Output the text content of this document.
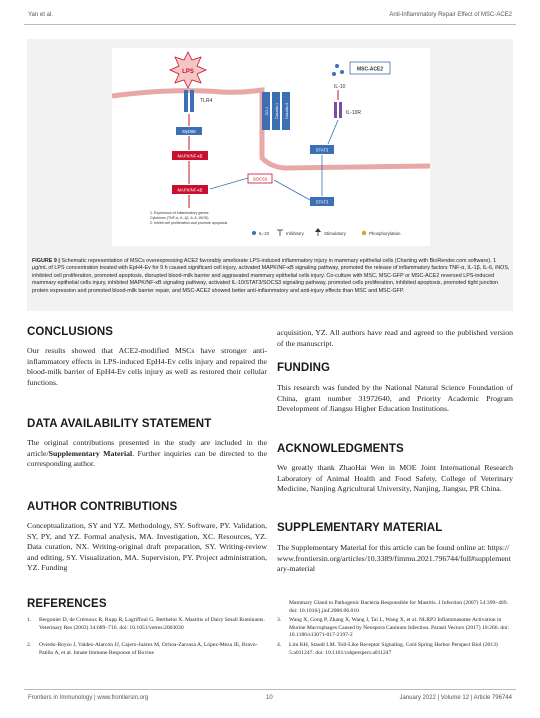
Yan et al.	Anti-Inflammatory Repair Effect of MSC-ACE2
LPS
TLR4
MyD88
MAPK/NF-κB
MAPK/NF-κB
ZO-1 Claudin-1 Claudin-3
MSC-ACE2
IL-10
IL-10R
STAT3
STAT3
SOCS3
1. Expression of inflammatory genes:
Cytokines (TNF-α, IL-1β, IL-6, iNOS)
2. Inhibit cell proliferation and promote apoptosis
IL-10	Inhibitory	Stimulatory	Phosphorylation
FIGURE 9 | Schematic representation of MSCs overexpressing ACE2 favorably ameliorate LPS-induced inflammatory injury in mammary epithelial cells (Charting with BioRender.com software). 1 μg/mL of LPS concentration treated with EpH4-Ev for 9 h caused significant cell injury, activated MAPK/NF-κB signaling pathway, promoted the release of inflammatory factors TNF-α, IL-1β, IL-6, iNOS, inhibited cell proliferation, promoted apoptosis, disrupted blood-milk barrier and aggravated mammary epithelial cells injury. Co-culture with MSC, MSC-GFP or MSC-ACE2 reversed LPS-induced mammary epithelial cells injury, inhibited MAPK/NF-κB signaling pathway, activated IL-10/STAT3/SOCS3 signaling pathway, promoted cells proliferation, inhibited apoptosis, promoted tight junction protein expression and promoted blood-milk barrier repair, and MSC-ACE2 showed better anti-inflammatory and anti-injury effects than MSC and MSC-GFP.
CONCLUSIONS
Our results showed that ACE2-modified MSCs have stronger anti-inflammatory effects in LPS-induced EpH4-Ev cells injury and repaired the blood-milk barrier of EpH4-Ev cells injury as well as restored their cellular functions.
DATA AVAILABILITY STATEMENT
The original contributions presented in the study are included in the article/Supplementary Material. Further inquiries can be directed to the corresponding author.
AUTHOR CONTRIBUTIONS
Conceptualization, SY and YZ. Methodology, SY. Software, PY. Validation, SY, PY, and YZ. Formal analysis, MA. Investigation, XC. Resources, YZ. Data curation, NX. Writing-original draft preparation, SY. Writing-review and editing, SY. Visualization, MA. Supervision, PY. Project administration, YZ. Funding
REFERENCES
1.	Bergonier D, de Crémoux R, Rupp R, Lagriffoul G, Berthelot X. Mastitis of Dairy Small Ruminants. Veterinary Res (2003) 34:689–716. doi: 10.1051/vetres:2003030
2.	Oviedo-Boyso J, Valdez-Alarcón JJ, Cajero-Juárez M, Ochoa-Zarzosa A, López-Meza JE, Bravo-Patiño A, et al. Innate Immune Response of Bovine
acquisition, YZ. All authors have read and agreed to the published version of the manuscript.
FUNDING
This research was funded by the National Natural Science Foundation of China, grant number 31972640, and Priority Academic Program Development of Jiangsu Higher Education Institutions.
ACKNOWLEDGMENTS
We greatly thank ZhaoHai Wen in MOE Joint International Research Laboratory of Animal Health and Food Safety, College of Veterinary Medicine, Nanjing Agricultural University, Nanjing, Jiangsu, PR China.
SUPPLEMENTARY MATERIAL
The Supplementary Material for this article can be found online at: https://www.frontiersin.org/articles/10.3389/fimmu.2021.796744/full#supplementary-material
Mammary Gland to Pathogenic Bacteria Responsible for Mastitis. J Infection (2007) 54:399–409. doi: 10.1016/j.jinf.2006.06.010
3.	Wang X, Gong P, Zhang X, Wang J, Tai L, Wang X, et al. NLRP3 Inflammasome Activation in Murine Macrophages Caused by Neospora Caninum Infection. Parasit Vectors (2017) 10:266. doi: 10.1186/s13071-017-2197-2
4.	Lim KH, Staudt LM. Toll-Like Receptor Signaling. Cold Spring Harbor Perspect Biol (2013) 5:a011247. doi: 10.1101/cshperspect.a011247
Frontiers in Immunology | www.frontiersin.org	10	January 2022 | Volume 12 | Article 796744
